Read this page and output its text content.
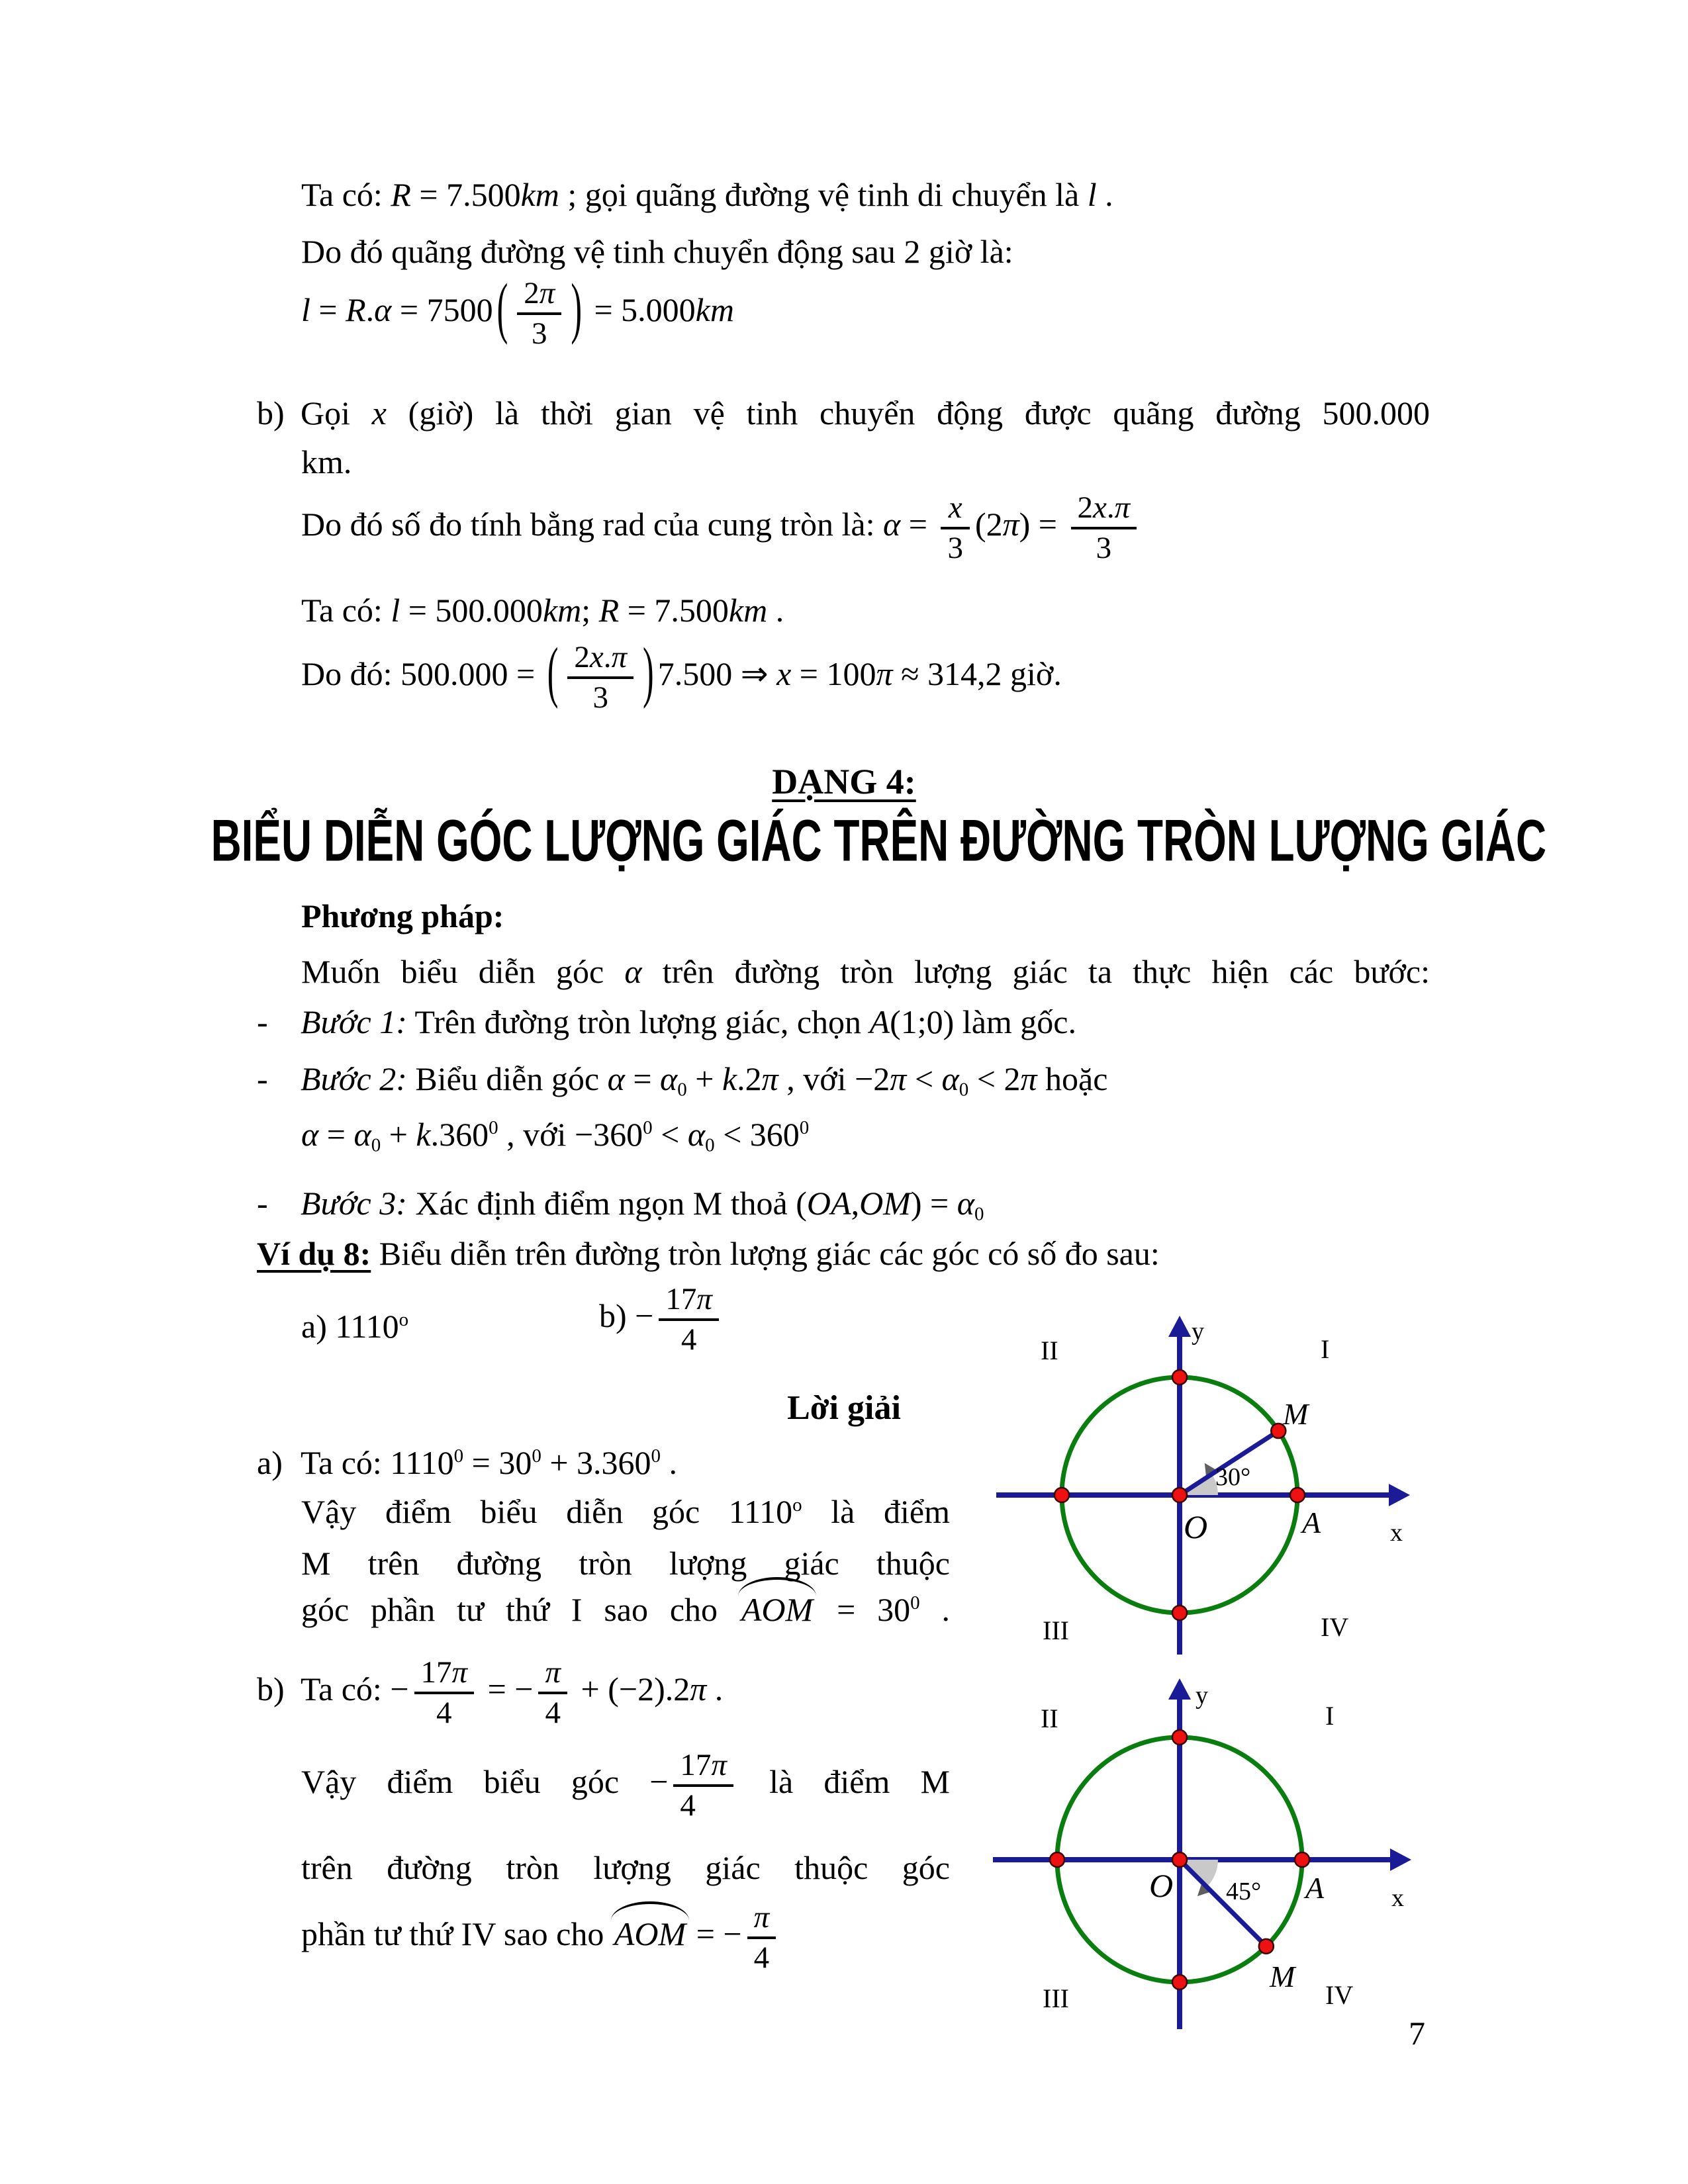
Ta có: R = 7.500km ; gọi quãng đường vệ tinh di chuyển là l .
Do đó quãng đường vệ tinh chuyển động sau 2 giờ là:
l = R.α = 7500 ( $\frac{2\pi}{3}$ ) = 5.000km
b) Gọi x (giờ) là thời gian vệ tinh chuyển động được quãng đường 500.000
km.
Do đó số đo tính bằng rad của cung tròn là: $\alpha = \frac{x}{3} (2\pi) = \frac{2x.\pi}{3}$
Ta có: l = 500.000km; R = 7.500km .
Do đó: 500.000 = ( $\frac{2x.\pi}{3}$ ) 7.500 ⇒ x = 100π ≈ 314,2 giờ.
DẠNG 4:
BIỂU DIỄN GÓC LƯỢNG GIÁC TRÊN ĐƯỜNG TRÒN LƯỢNG GIÁC
Phương pháp:
Muốn biểu diễn góc α trên đường tròn lượng giác ta thực hiện các bước:
- Bước 1: Trên đường tròn lượng giác, chọn A(1;0) làm gốc.
- Bước 2: Biểu diễn góc $\alpha = \alpha_0 + k.2\pi$ , với $-2\pi < \alpha_0 < 2\pi$ hoặc
$\alpha = \alpha_0 + k.360^0$ , với $-360^0 < \alpha_0 < 360^0$
- Bước 3: Xác định điểm ngọn M thoả $(OA,OM) = \alpha_0$
Ví dụ 8: Biểu diễn trên đường tròn lượng giác các góc có số đo sau:
a) 1110$^o$	$b) - \frac{17\pi}{4}$
Lời giải
a) Ta có: $1110^0 = 30^0 + 3.360^0$ .
Vậy điểm biểu diễn góc 1110$^o$ là điểm
M trên đường tròn lượng giác thuộc
góc phần tư thứ I sao cho AOM = $30^0$ .
b) Ta có: − $\frac{17\pi}{4}$ = − $\frac{\pi}{4} + (-2).2\pi$ .
Vậy điểm biểu góc − $\frac{17\pi}{4}$ là điểm M
trên đường tròn lượng giác thuộc góc
phần tư thứ IV sao cho AOM = − $\frac{\pi}{4}$
y
II	I
M
30°
O	A	x
III	IV
y
II	I
O 45° A	x
M
III	IV
7
